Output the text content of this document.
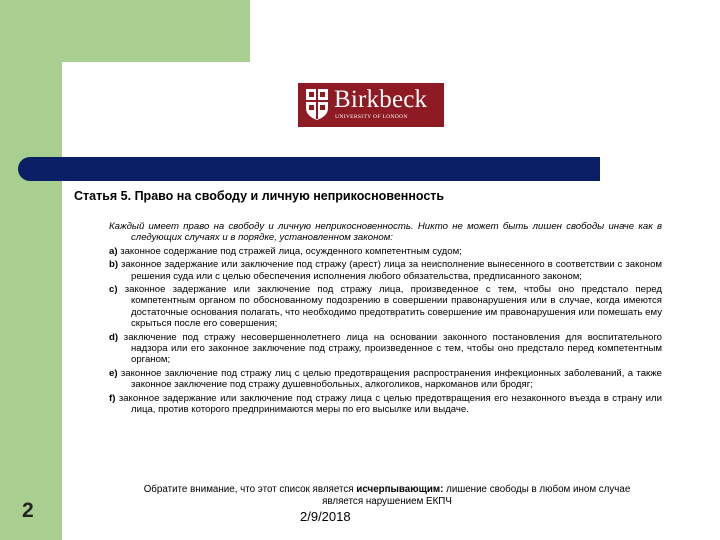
Birkbeck
UNIVERSITY OF LONDON
Статья 5. Право на свободу и личную неприкосновенность
Каждый имеет право на свободу и личную неприкосновенность. Никто не может быть лишен свободы иначе как в следующих случаях и в порядке, установленном законом:
a) законное содержание под стражей лица, осужденного компетентным судом;
b) законное задержание или заключение под стражу (арест) лица за неисполнение вынесенного в соответствии с законом решения суда или с целью обеспечения исполнения любого обязательства, предписанного законом;
c) законное задержание или заключение под стражу лица, произведенное с тем, чтобы оно предстало перед компетентным органом по обоснованному подозрению в совершении правонарушения или в случае, когда имеются достаточные основания полагать, что необходимо предотвратить совершение им правонарушения или помешать ему скрыться после его совершения;
d) заключение под стражу несовершеннолетнего лица на основании законного постановления для воспитательного надзора или его законное заключение под стражу, произведенное с тем, чтобы оно предстало перед компетентным органом;
e) законное заключение под стражу лиц с целью предотвращения распространения инфекционных заболеваний, а также законное заключение под стражу душевнобольных, алкоголиков, наркоманов или бродяг;
f) законное задержание или заключение под стражу лица с целью предотвращения его незаконного въезда в страну или лица, против которого предпринимаются меры по его высылке или выдаче.
Обратите внимание, что этот список является исчерпывающим: лишение свободы в любом ином случае является нарушением ЕКПЧ
2/9/2018
2
